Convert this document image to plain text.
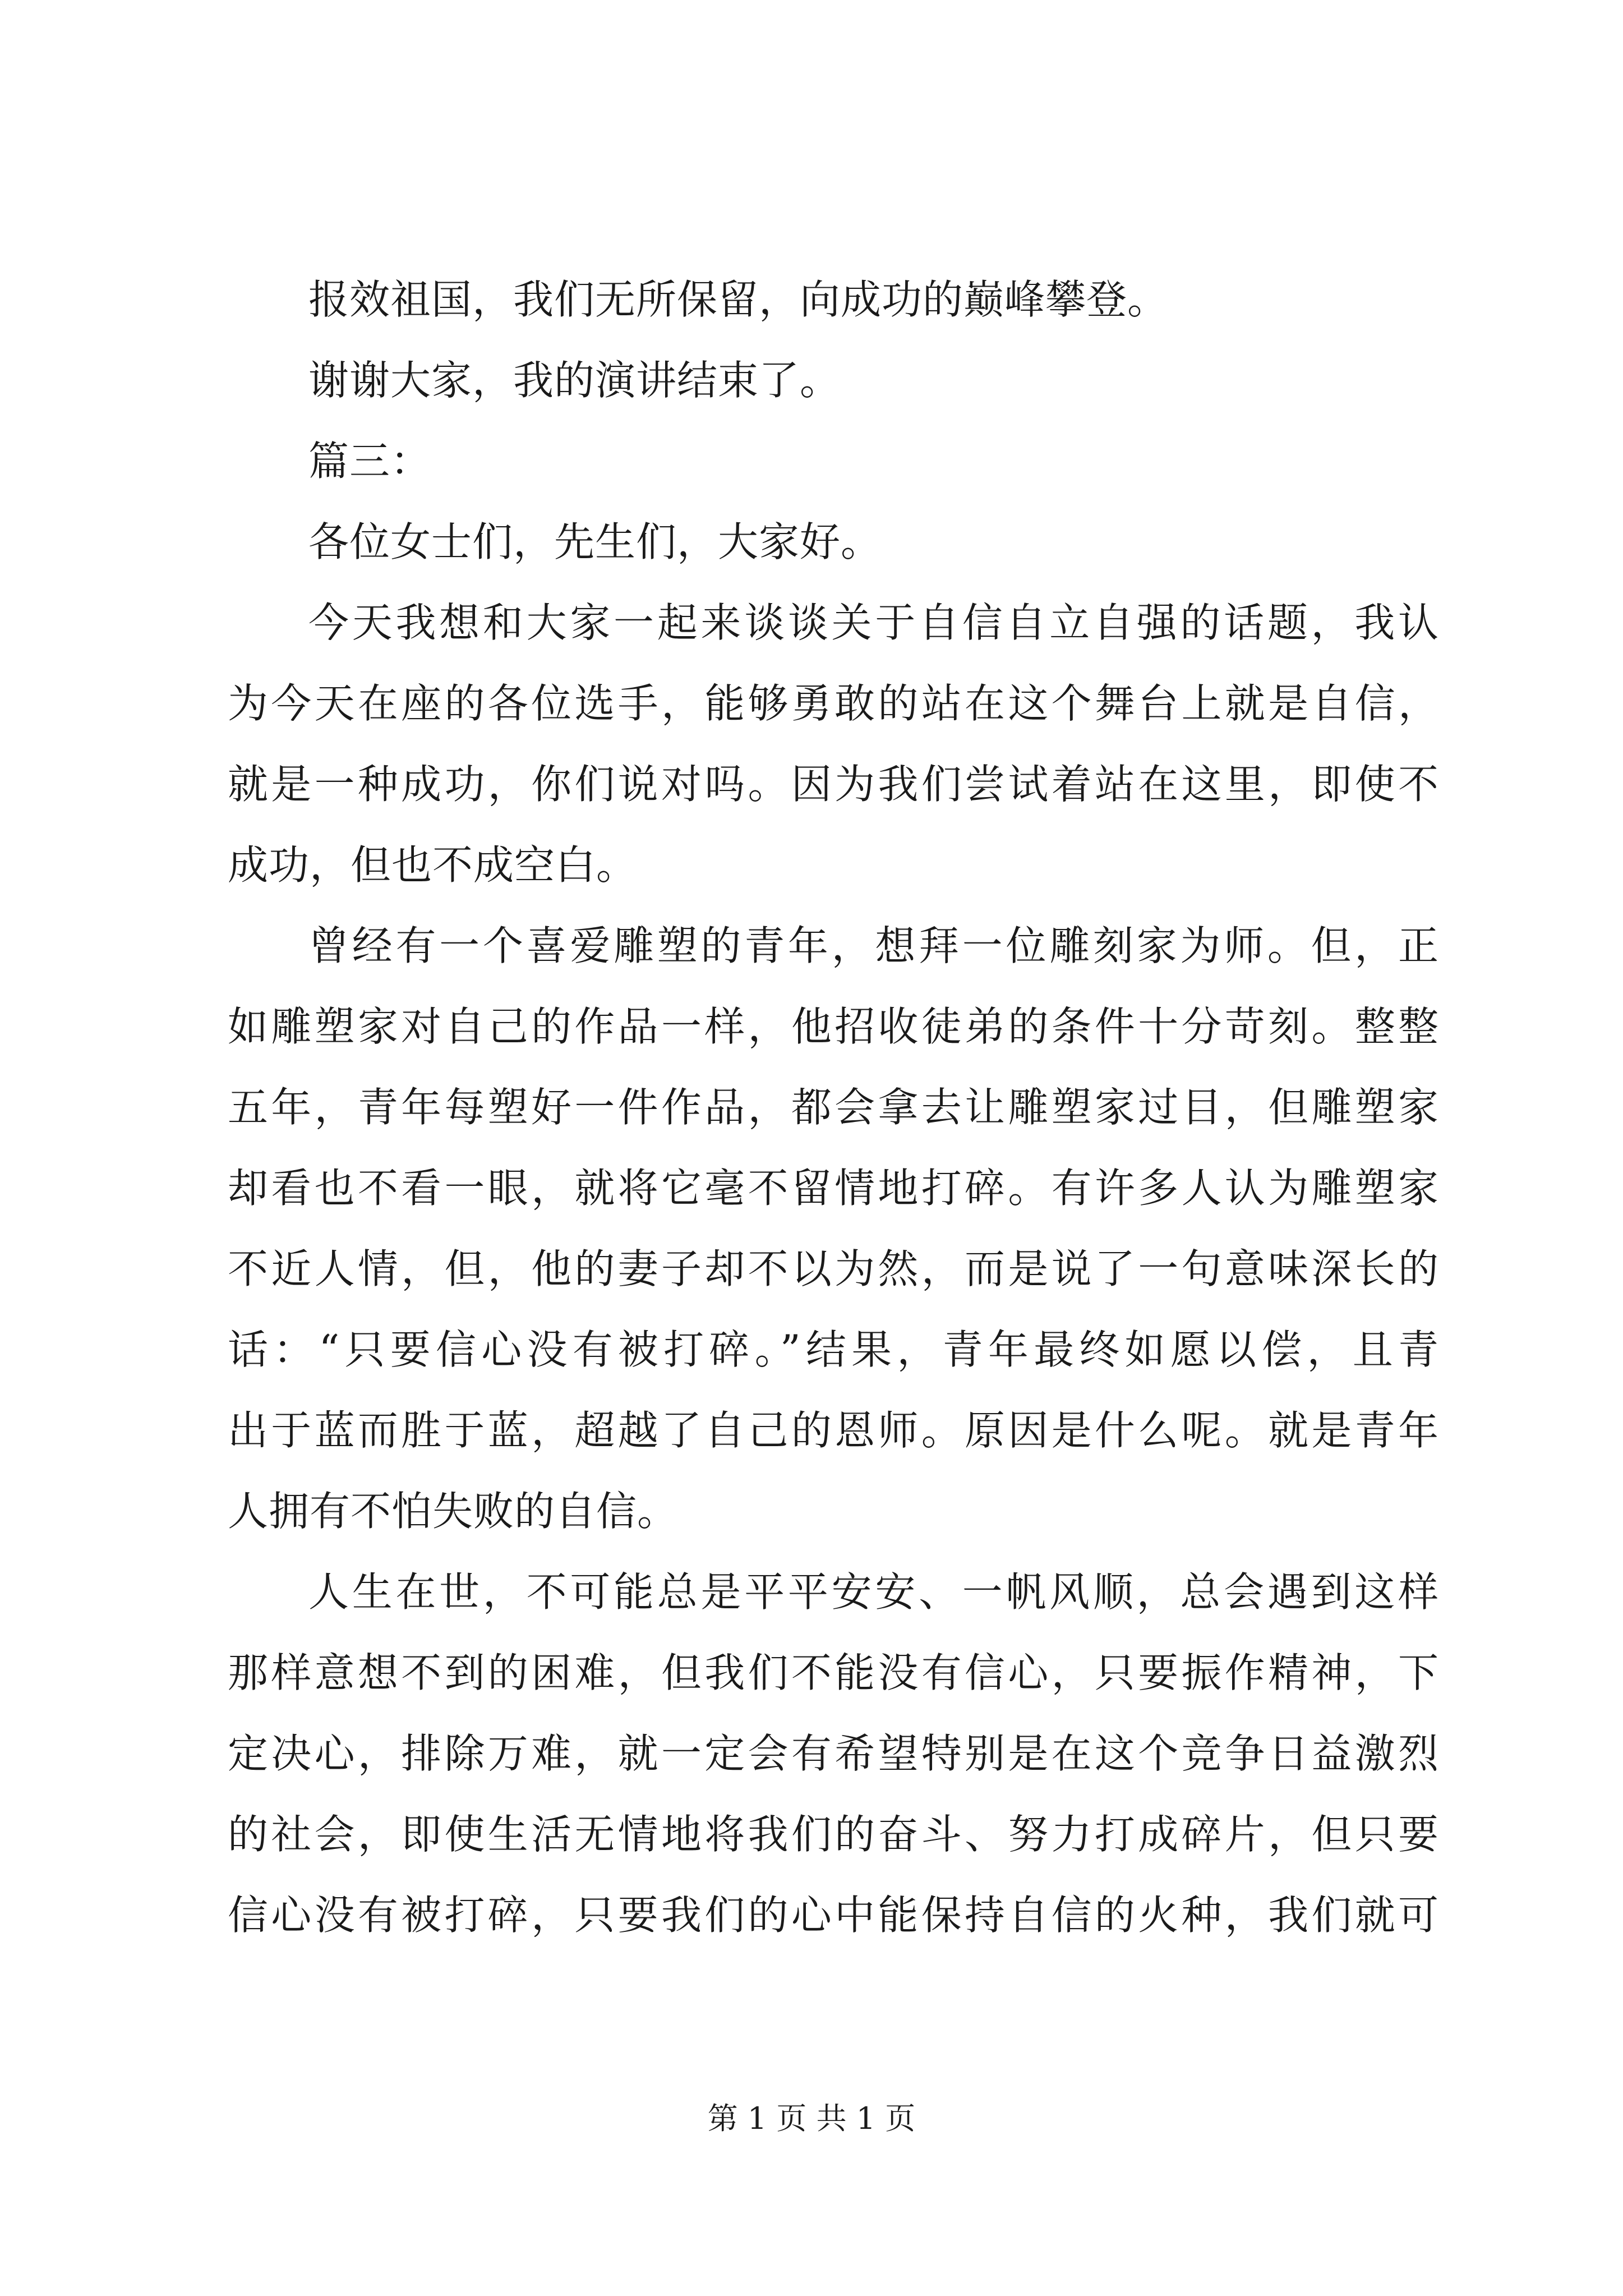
报效祖国，我们无所保留，向成功的巅峰攀登。
谢谢大家，我的演讲结束了。
篇三：
各位女士们，先生们，大家好。
今天我想和大家一起来谈谈关于自信自立自强的话题，我认
为今天在座的各位选手，能够勇敢的站在这个舞台上就是自信，
就是一种成功，你们说对吗。因为我们尝试着站在这里，即使不
成功，但也不成空白。
曾经有一个喜爱雕塑的青年，想拜一位雕刻家为师。但，正
如雕塑家对自己的作品一样，他招收徒弟的条件十分苛刻。整整
五年，青年每塑好一件作品，都会拿去让雕塑家过目，但雕塑家
却看也不看一眼，就将它毫不留情地打碎。有许多人认为雕塑家
不近人情，但，他的妻子却不以为然，而是说了一句意味深长的
话：“只要信心没有被打碎。”结果，青年最终如愿以偿，且青
出于蓝而胜于蓝，超越了自己的恩师。原因是什么呢。就是青年
人拥有不怕失败的自信。
人生在世，不可能总是平平安安、一帆风顺，总会遇到这样
那样意想不到的困难，但我们不能没有信心，只要振作精神，下
定决心，排除万难，就一定会有希望特别是在这个竞争日益激烈
的社会，即使生活无情地将我们的奋斗、努力打成碎片，但只要
信心没有被打碎，只要我们的心中能保持自信的火种，我们就可
第 1 页 共 1 页
